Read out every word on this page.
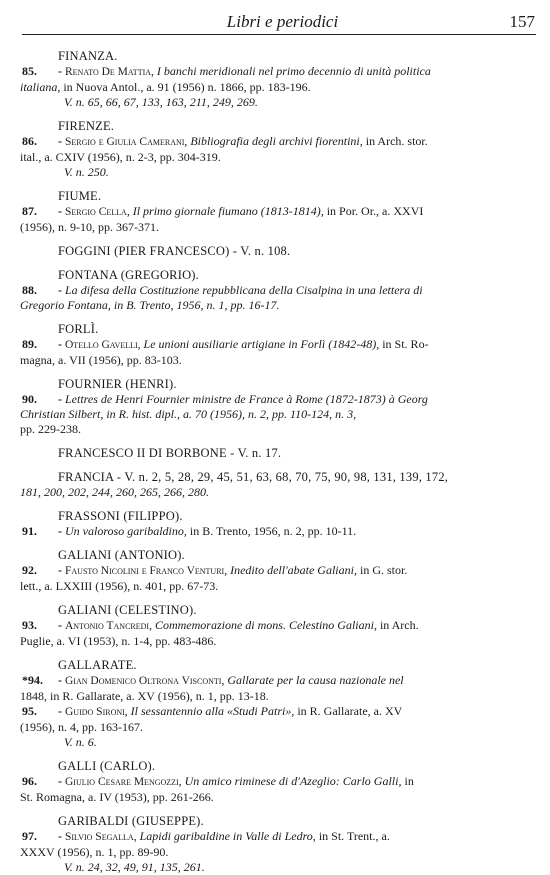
Libri e periodici	157
FINANZA.
85. - Renato De Mattia, I banchi meridionali nel primo decennio di unità politica
italiana, in Nuova Antol., a. 91 (1956) n. 1866, pp. 183-196.
V. n. 65, 66, 67, 133, 163, 211, 249, 269.
FIRENZE.
86. - Sergio e Giulia Camerani, Bibliografia degli archivi fiorentini, in Arch. stor.
ital., a. CXIV (1956), n. 2-3, pp. 304-319.
V. n. 250.
FIUME.
87. - Sergio Cella, Il primo giornale fiumano (1813-1814), in Por. Or., a. XXVI
(1956), n. 9-10, pp. 367-371.
FOGGINI (PIER FRANCESCO) - V. n. 108.
FONTANA (GREGORIO).
88. - La difesa della Costituzione repubblicana della Cisalpina in una lettera di
Gregorio Fontana, in B. Trento, 1956, n. 1, pp. 16-17.
FORLÌ.
89. - Otello Gavelli, Le unioni ausiliarie artigiane in Forlì (1842-48), in St. Ro-
magna, a. VII (1956), pp. 83-103.
FOURNIER (HENRI).
90. - Lettres de Henri Fournier ministre de France à Rome (1872-1873) à Georg
Christian Silbert, in R. hist. dipl., a. 70 (1956), n. 2, pp. 110-124, n. 3,
pp. 229-238.
FRANCESCO II DI BORBONE - V. n. 17.
FRANCIA - V. n. 2, 5, 28, 29, 45, 51, 63, 68, 70, 75, 90, 98, 131, 139, 172,
181, 200, 202, 244, 260, 265, 266, 280.
FRASSONI (FILIPPO).
91. - Un valoroso garibaldino, in B. Trento, 1956, n. 2, pp. 10-11.
GALIANI (ANTONIO).
92. - Fausto Nicolini e Franco Venturi, Inedito dell'abate Galiani, in G. stor.
lett., a. LXXIII (1956), n. 401, pp. 67-73.
GALIANI (CELESTINO).
93. - Antonio Tancredi, Commemorazione di mons. Celestino Galiani, in Arch.
Puglie, a. VI (1953), n. 1-4, pp. 483-486.
GALLARATE.
*94. - Gian Domenico Oltrona Visconti, Gallarate per la causa nazionale nel
1848, in R. Gallarate, a. XV (1956), n. 1, pp. 13-18.
95. - Guido Sironi, Il sessantennio alla «Studi Patri», in R. Gallarate, a. XV
(1956), n. 4, pp. 163-167.
V. n. 6.
GALLI (CARLO).
96. - Giulio Cesare Mengozzi, Un amico riminese di d'Azeglio: Carlo Galli, in
St. Romagna, a. IV (1953), pp. 261-266.
GARIBALDI (GIUSEPPE).
97. - Silvio Segalla, Lapidi garibaldine in Valle di Ledro, in St. Trent., a.
XXXV (1956), n. 1, pp. 89-90.
V. n. 24, 32, 49, 91, 135, 261.
